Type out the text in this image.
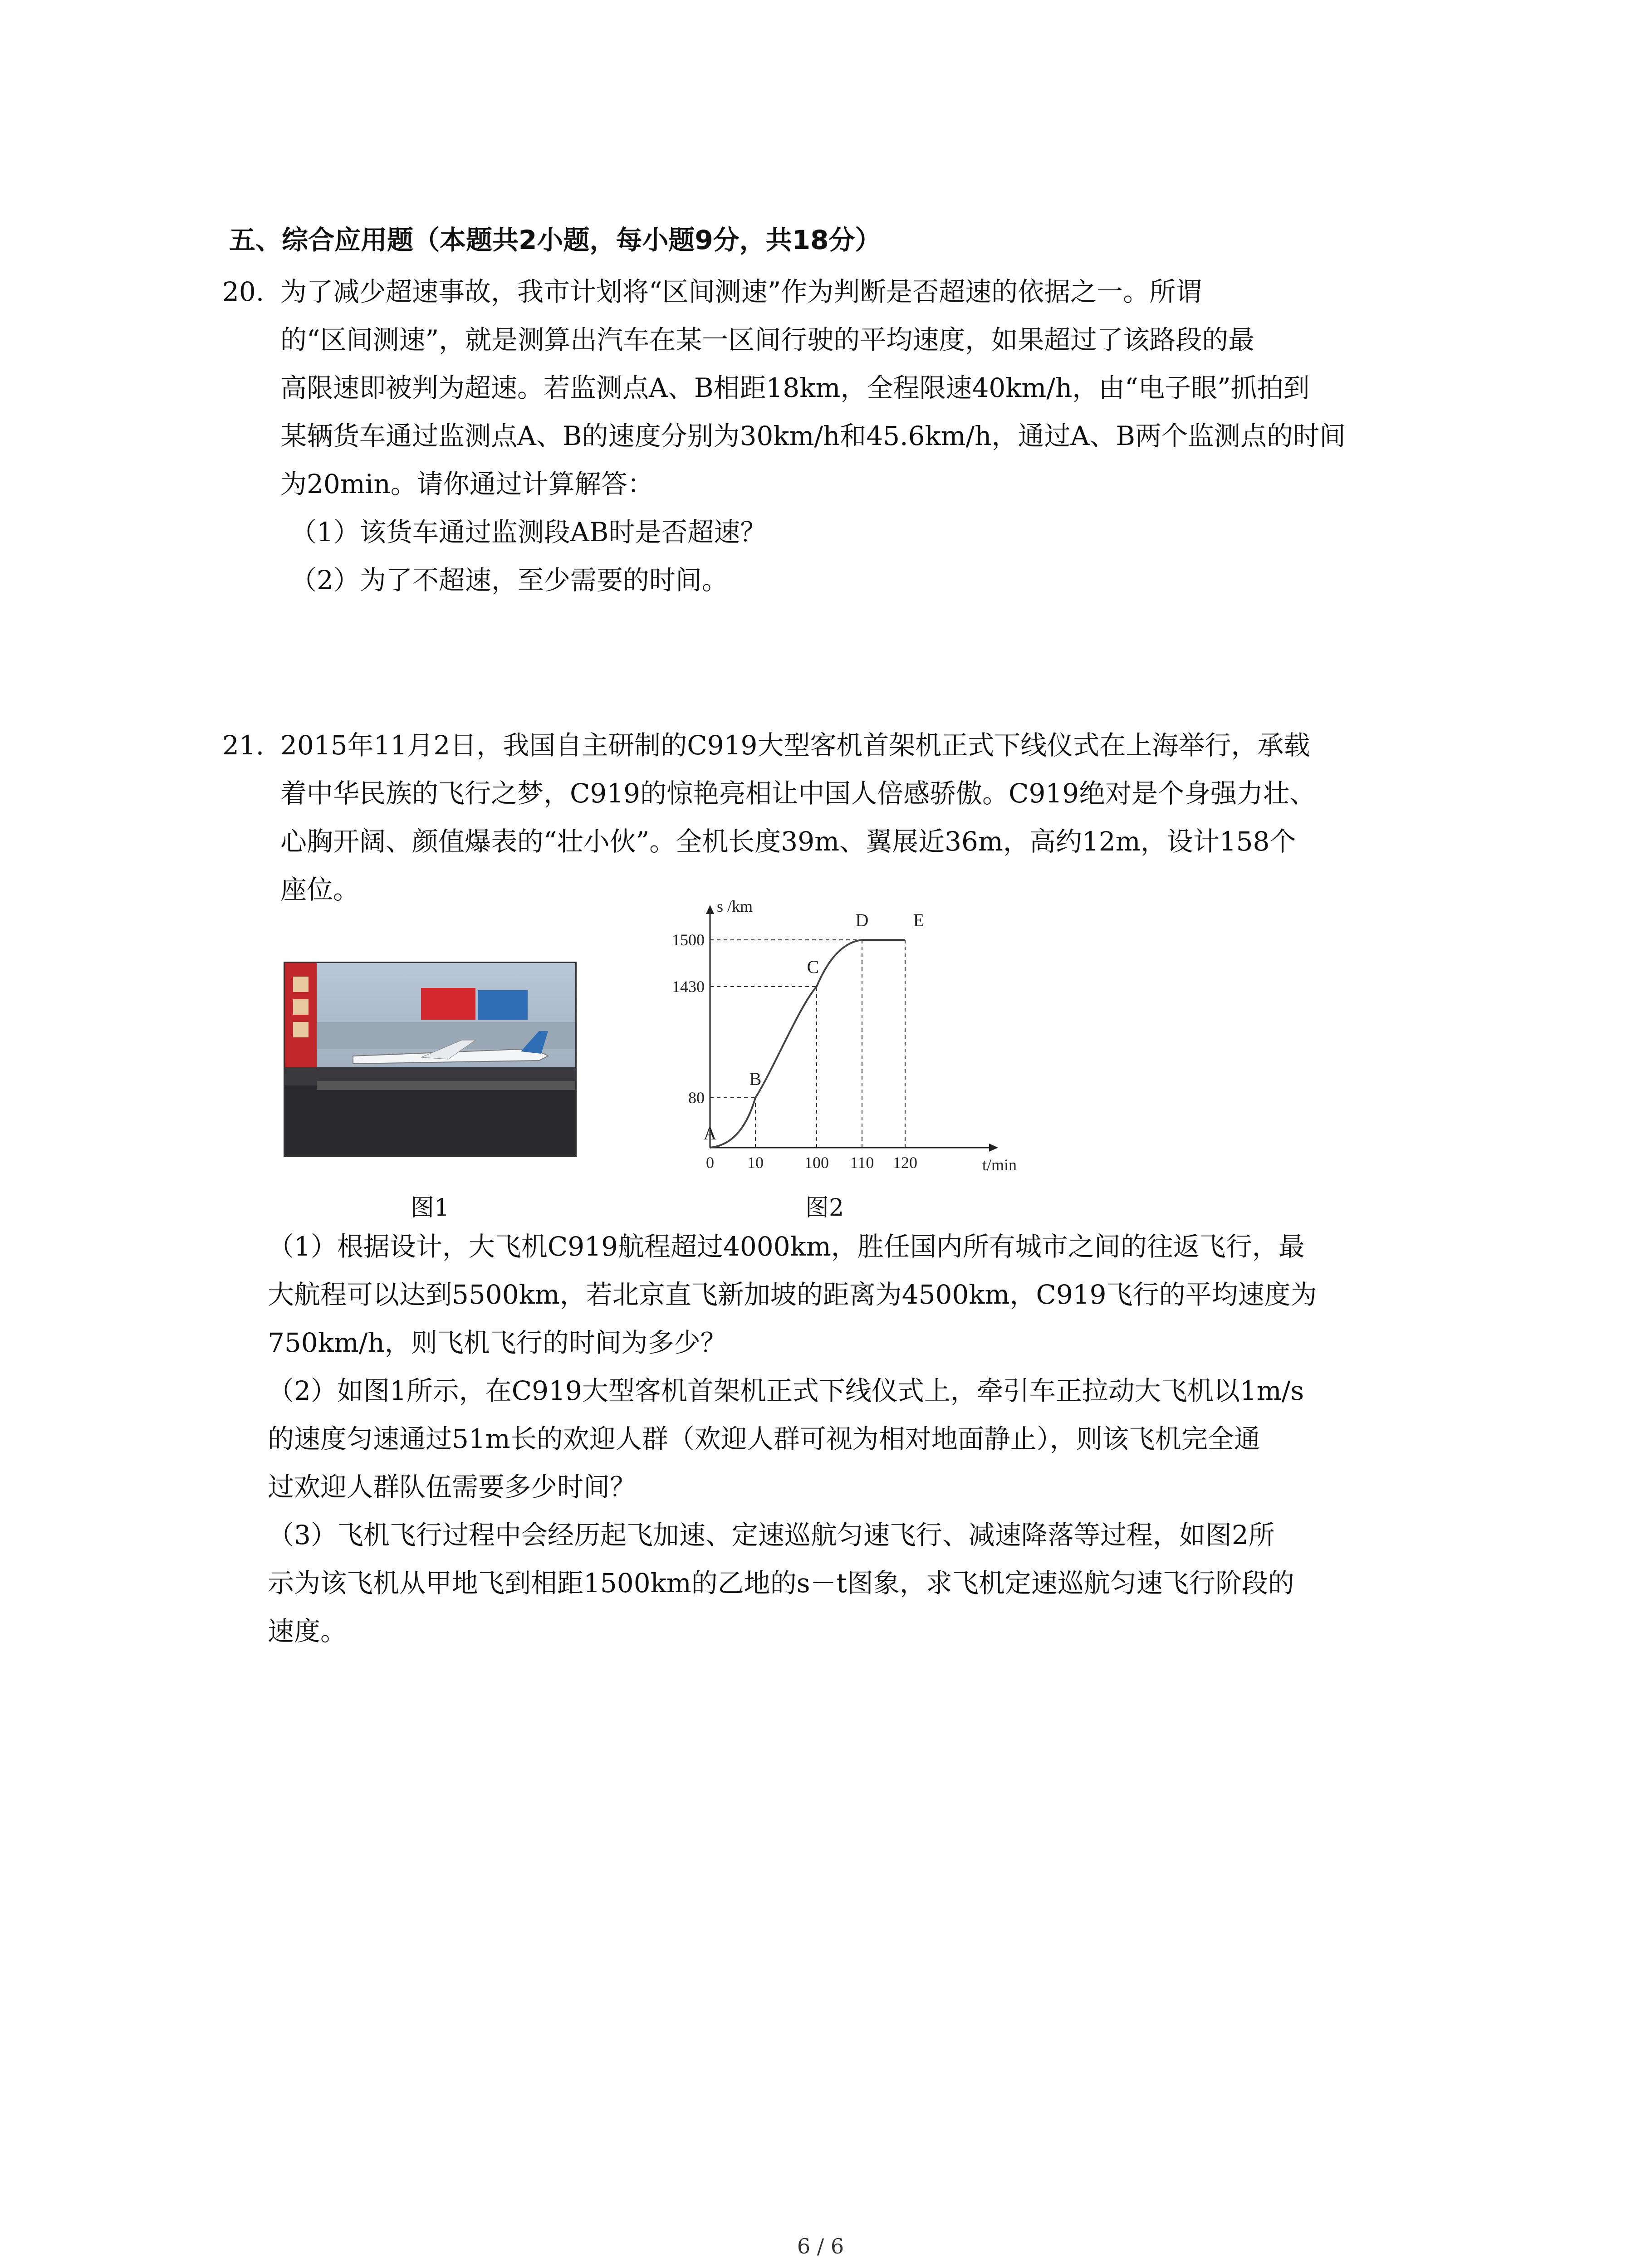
五、综合应用题（本题共2小题，每小题9分，共18分）
20. 为了减少超速事故，我市计划将“区间测速”作为判断是否超速的依据之一。所谓

的“区间测速”，就是测算出汽车在某一区间行驶的平均速度，如果超过了该路段的最

高限速即被判为超速。若监测点A、B相距18km，全程限速40km/h，由“电子眼”抓拍到

某辆货车通过监测点A、B的速度分别为30km/h和45.6km/h，通过A、B两个监测点的时间

为20min。请你通过计算解答：

（1）该货车通过监测段AB时是否超速？

（2）为了不超速，至少需要的时间。

21. 2015年11月2日，我国自主研制的C919大型客机首架机正式下线仪式在上海举行，承载

着中华民族的飞行之梦，C919的惊艳亮相让中国人倍感骄傲。C919绝对是个身强力壮、

心胸开阔、颜值爆表的“壮小伙”。全机长度39m、翼展近36m，高约12m，设计158个

座位。

图1
s /km
t/min
0 10	100 110 120
80
1430
1500
A
B
C
D E
图2

（1）根据设计，大飞机C919航程超过4000km，胜任国内所有城市之间的往返飞行，最

大航程可以达到5500km，若北京直飞新加坡的距离为4500km，C919飞行的平均速度为

750km/h，则飞机飞行的时间为多少？

（2）如图1所示，在C919大型客机首架机正式下线仪式上，牵引车正拉动大飞机以1m/s

的速度匀速通过51m长的欢迎人群（欢迎人群可视为相对地面静止），则该飞机完全通

过欢迎人群队伍需要多少时间？

（3）飞机飞行过程中会经历起飞加速、定速巡航匀速飞行、减速降落等过程，如图2所

示为该飞机从甲地飞到相距1500km的乙地的s－t图象，求飞机定速巡航匀速飞行阶段的

速度。

6 / 6
